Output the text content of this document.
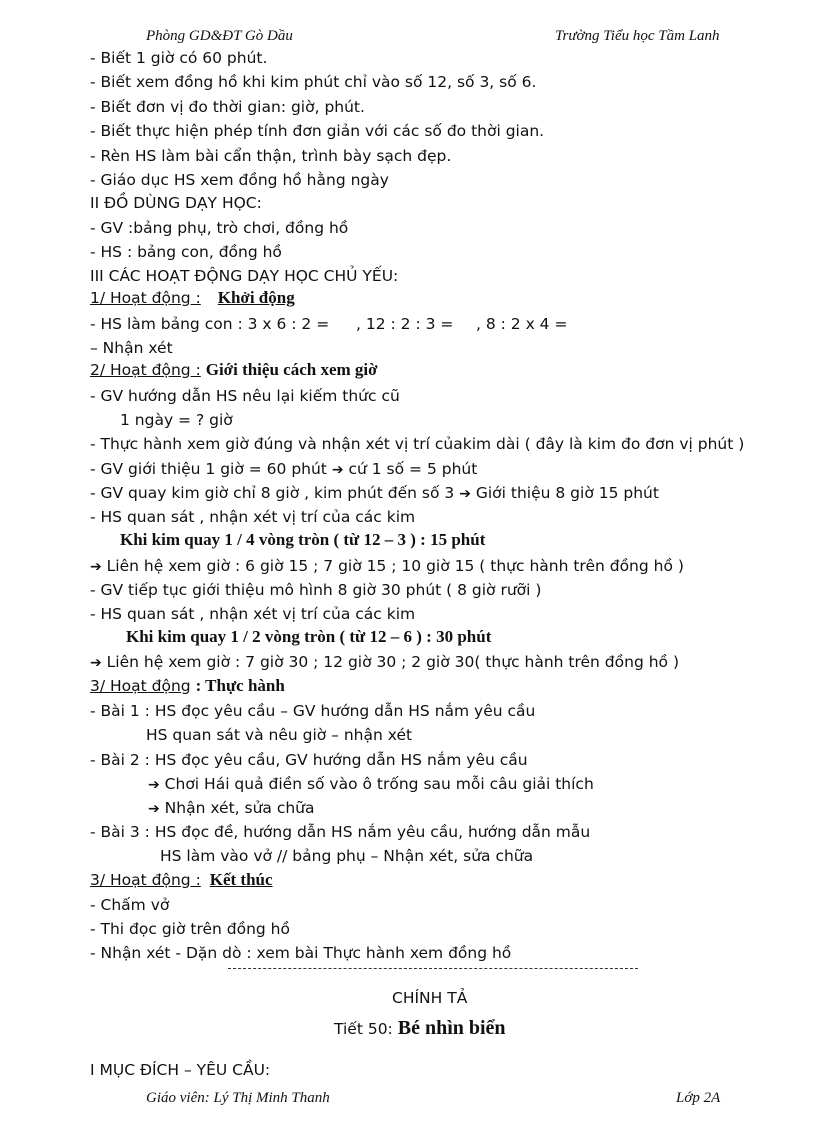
Phòng GD&ĐT Gò Dầu	Trường Tiểu học Tầm Lanh
- Biết 1 giờ có 60 phút.
- Biết xem đồng hồ khi kim phút chỉ vào số 12, số 3, số 6.
- Biết đơn vị đo thời gian: giờ, phút.
- Biết thực hiện phép tính đơn giản với các số đo thời gian.
- Rèn HS làm bài cẩn thận, trình bày sạch đẹp.
- Giáo dục HS xem đồng hồ hằng ngày
II ĐỒ DÙNG DẠY HỌC:
- GV :bảng phụ, trò chơi, đồng hồ
- HS : bảng con, đồng hồ
III CÁC HOẠT ĐỘNG DẠY HỌC CHỦ YẾU:
1/ Hoạt động : Khởi động
- HS làm bảng con : 3 x 6 : 2 = , 12 : 2 : 3 = , 8 : 2 x 4 =
– Nhận xét
2/ Hoạt động : Giới thiệu cách xem giờ
- GV hướng dẫn HS nêu lại kiếm thức cũ
1 ngày = ? giờ
- Thực hành xem giờ đúng và nhận xét vị trí củakim dài ( đây là kim đo đơn vị phút )
- GV giới thiệu 1 giờ = 60 phút ➔ cứ 1 số = 5 phút
- GV quay kim giờ chỉ 8 giờ , kim phút đến số 3 ➔ Giới thiệu 8 giờ 15 phút
- HS quan sát , nhận xét vị trí của các kim
Khi kim quay 1 / 4 vòng tròn ( từ 12 – 3 ) : 15 phút
➔ Liên hệ xem giờ : 6 giờ 15 ; 7 giờ 15 ; 10 giờ 15 ( thực hành trên đồng hồ )
- GV tiếp tục giới thiệu mô hình 8 giờ 30 phút ( 8 giờ rưỡi )
- HS quan sát , nhận xét vị trí của các kim
Khi kim quay 1 / 2 vòng tròn ( từ 12 – 6 ) : 30 phút
➔ Liên hệ xem giờ : 7 giờ 30 ; 12 giờ 30 ; 2 giờ 30( thực hành trên đồng hồ )
3/ Hoạt động : Thực hành
- Bài 1 : HS đọc yêu cầu – GV hướng dẫn HS nắm yêu cầu
HS quan sát và nêu giờ – nhận xét
- Bài 2 : HS đọc yêu cầu, GV hướng dẫn HS nắm yêu cầu
➔ Chơi Hái quả điền số vào ô trống sau mỗi câu giải thích
➔ Nhận xét, sửa chữa
- Bài 3 : HS đọc đề, hướng dẫn HS nắm yêu cầu, hướng dẫn mẫu
HS làm vào vở // bảng phụ – Nhận xét, sửa chữa
3/ Hoạt động : Kết thúc
- Chấm vở
- Thi đọc giờ trên đồng hồ
- Nhận xét - Dặn dò : xem bài Thực hành xem đồng hồ
CHÍNH TẢ
Tiết 50: Bé nhìn biển
I MỤC ĐÍCH – YÊU CẦU:
Giáo viên: Lý Thị Minh Thanh	Lớp 2A
